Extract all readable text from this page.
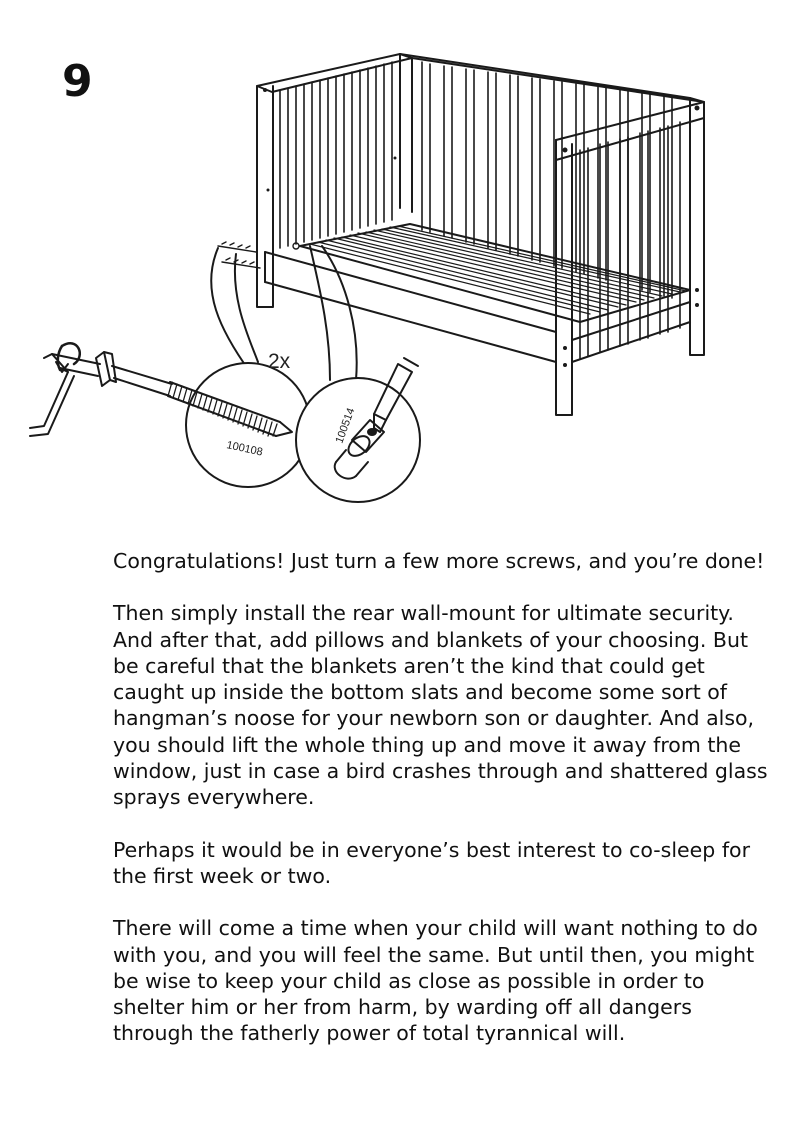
9
100108
100514
2x

Congratulations! Just turn a few more screws, and you’re done!

Then simply install the rear wall-mount for ultimate security. And after that, add pillows and blankets of your choosing. But be careful that the blankets aren’t the kind that could get caught up inside the bottom slats and become some sort of hangman’s noose for your newborn son or daughter. And also, you should lift the whole thing up and move it away from the window, just in case a bird crashes through and shattered glass sprays everywhere.

Perhaps it would be in everyone’s best interest to co-sleep for the first week or two.

There will come a time when your child will want nothing to do with you, and you will feel the same. But until then, you might be wise to keep your child as close as possible in order to shelter him or her from harm, by warding off all dangers through the fatherly power of total tyrannical will.
